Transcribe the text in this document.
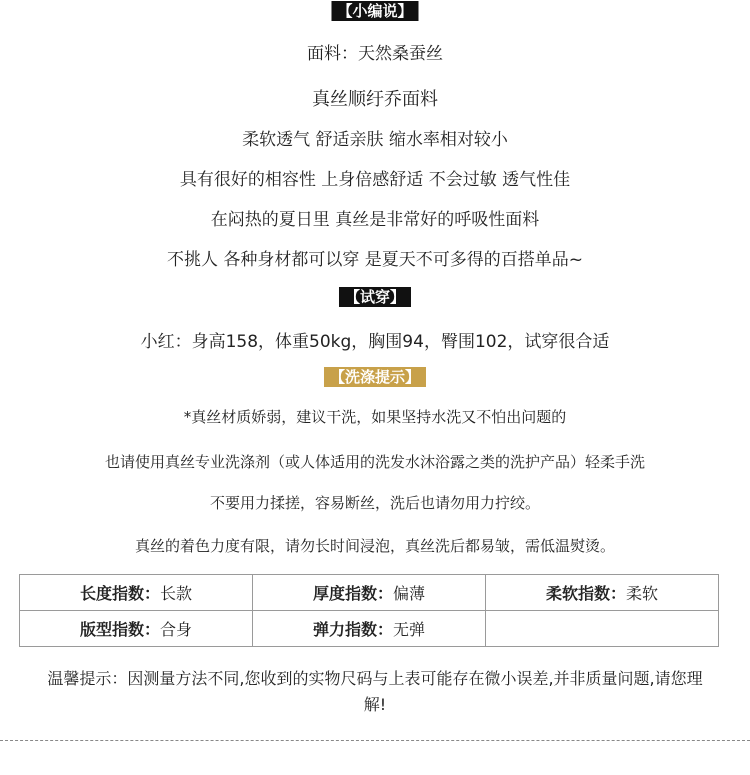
【小编说】
面料：天然桑蚕丝
真丝顺纡乔面料
柔软透气 舒适亲肤 缩水率相对较小
具有很好的相容性 上身倍感舒适 不会过敏 透气性佳
在闷热的夏日里 真丝是非常好的呼吸性面料
不挑人 各种身材都可以穿 是夏天不可多得的百搭单品~
【试穿】
小红：身高158，体重50kg，胸围94，臀围102，试穿很合适
【洗涤提示】
*真丝材质娇弱，建议干洗，如果坚持水洗又不怕出问题的
也请使用真丝专业洗涤剂（或人体适用的洗发水沐浴露之类的洗护产品）轻柔手洗
不要用力揉搓，容易断丝，洗后也请勿用力拧绞。
真丝的着色力度有限，请勿长时间浸泡，真丝洗后都易皱，需低温熨烫。
长度指数：长款	厚度指数：偏薄	柔软指数：柔软
版型指数：合身	弹力指数：无弹	
温馨提示：因测量方法不同,您收到的实物尺码与上表可能存在微小误差,并非质量问题,请您理
解!
